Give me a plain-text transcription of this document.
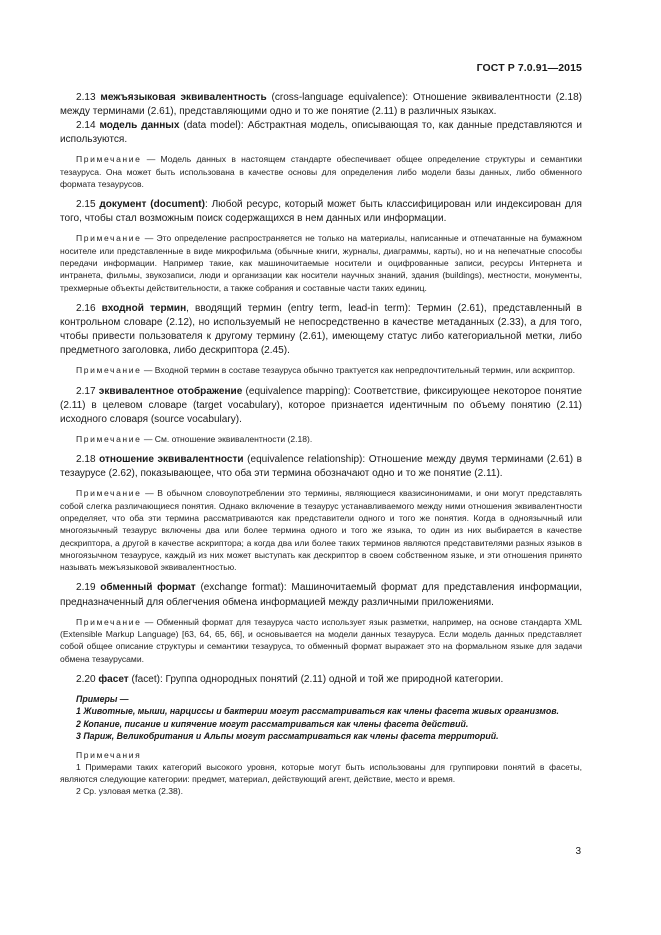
ГОСТ Р 7.0.91—2015

2.13 межъязыковая эквивалентность (cross-language equivalence): Отношение эквивалентности (2.18) между терминами (2.61), представляющими одно и то же понятие (2.11) в различных языках.

2.14 модель данных (data model): Абстрактная модель, описывающая то, как данные представляются и используются.

Примечание — Модель данных в настоящем стандарте обеспечивает общее определение структуры и семантики тезауруса. Она может быть использована в качестве основы для определения либо модели базы данных, либо обменного формата тезаурусов.

2.15 документ (document): Любой ресурс, который может быть классифицирован или индексирован для того, чтобы стал возможным поиск содержащихся в нем данных или информации.

Примечание — Это определение распространяется не только на материалы, написанные и отпечатанные на бумажном носителе или представленные в виде микрофильма (обычные книги, журналы, диаграммы, карты), но и на непечатные способы передачи информации. Например такие, как машиночитаемые носители и оцифрованные записи, ресурсы Интернета и интранета, фильмы, звукозаписи, люди и организации как носители научных знаний, здания (buildings), местности, монументы, трехмерные объекты действительности, а также собрания и составные части таких единиц.

2.16 входной термин, вводящий термин (entry term, lead-in term): Термин (2.61), представленный в контрольном словаре (2.12), но используемый не непосредственно в качестве метаданных (2.33), а для того, чтобы привести пользователя к другому термину (2.61), имеющему статус либо категориальной метки, либо предметного заголовка, либо дескриптора (2.45).

Примечание — Входной термин в составе тезауруса обычно трактуется как непредпочтительный термин, или аскриптор.

2.17 эквивалентное отображение (equivalence mapping): Соответствие, фиксирующее некоторое понятие (2.11) в целевом словаре (target vocabulary), которое признается идентичным по объему понятию (2.11) исходного словаря (source vocabulary).

Примечание — См. отношение эквивалентности (2.18).

2.18 отношение эквивалентности (equivalence relationship): Отношение между двумя терминами (2.61) в тезаурусе (2.62), показывающее, что оба эти термина обозначают одно и то же понятие (2.11).

Примечание — В обычном словоупотреблении это термины, являющиеся квазисинонимами, и они могут представлять собой слегка различающиеся понятия. Однако включение в тезаурус устанавливаемого между ними отношения эквивалентности определяет, что оба эти термина рассматриваются как представители одного и того же понятия. Когда в одноязычный или многоязычный тезаурус включены два или более термина одного и того же языка, то один из них выбирается в качестве дескриптора, а другой в качестве аскриптора; а когда два или более таких терминов являются представителями разных языков в многоязычном тезаурусе, каждый из них может выступать как дескриптор в своем собственном языке, и эти отношения принято называть межъязыковой эквивалентностью.

2.19 обменный формат (exchange format): Машиночитаемый формат для представления информации, предназначенный для облегчения обмена информацией между различными приложениями.

Примечание — Обменный формат для тезауруса часто использует язык разметки, например, на основе стандарта XML (Extensible Markup Language) [63, 64, 65, 66], и основывается на модели данных тезауруса. Если модель данных представляет собой общее описание структуры и семантики тезауруса, то обменный формат выражает это на формальном языке для задачи обмена тезаурусами.

2.20 фасет (facet): Группа однородных понятий (2.11) одной и той же природной категории.

Примеры —

1 Животные, мыши, нарциссы и бактерии могут рассматриваться как члены фасета живых организмов.

2 Копание, писание и кипячение могут рассматриваться как члены фасета действий.

3 Париж, Великобритания и Альпы могут рассматриваться как члены фасета территорий.

Примечания

1 Примерами таких категорий высокого уровня, которые могут быть использованы для группировки понятий в фасеты, являются следующие категории: предмет, материал, действующий агент, действие, место и время.

2 Ср. узловая метка (2.38).

3
